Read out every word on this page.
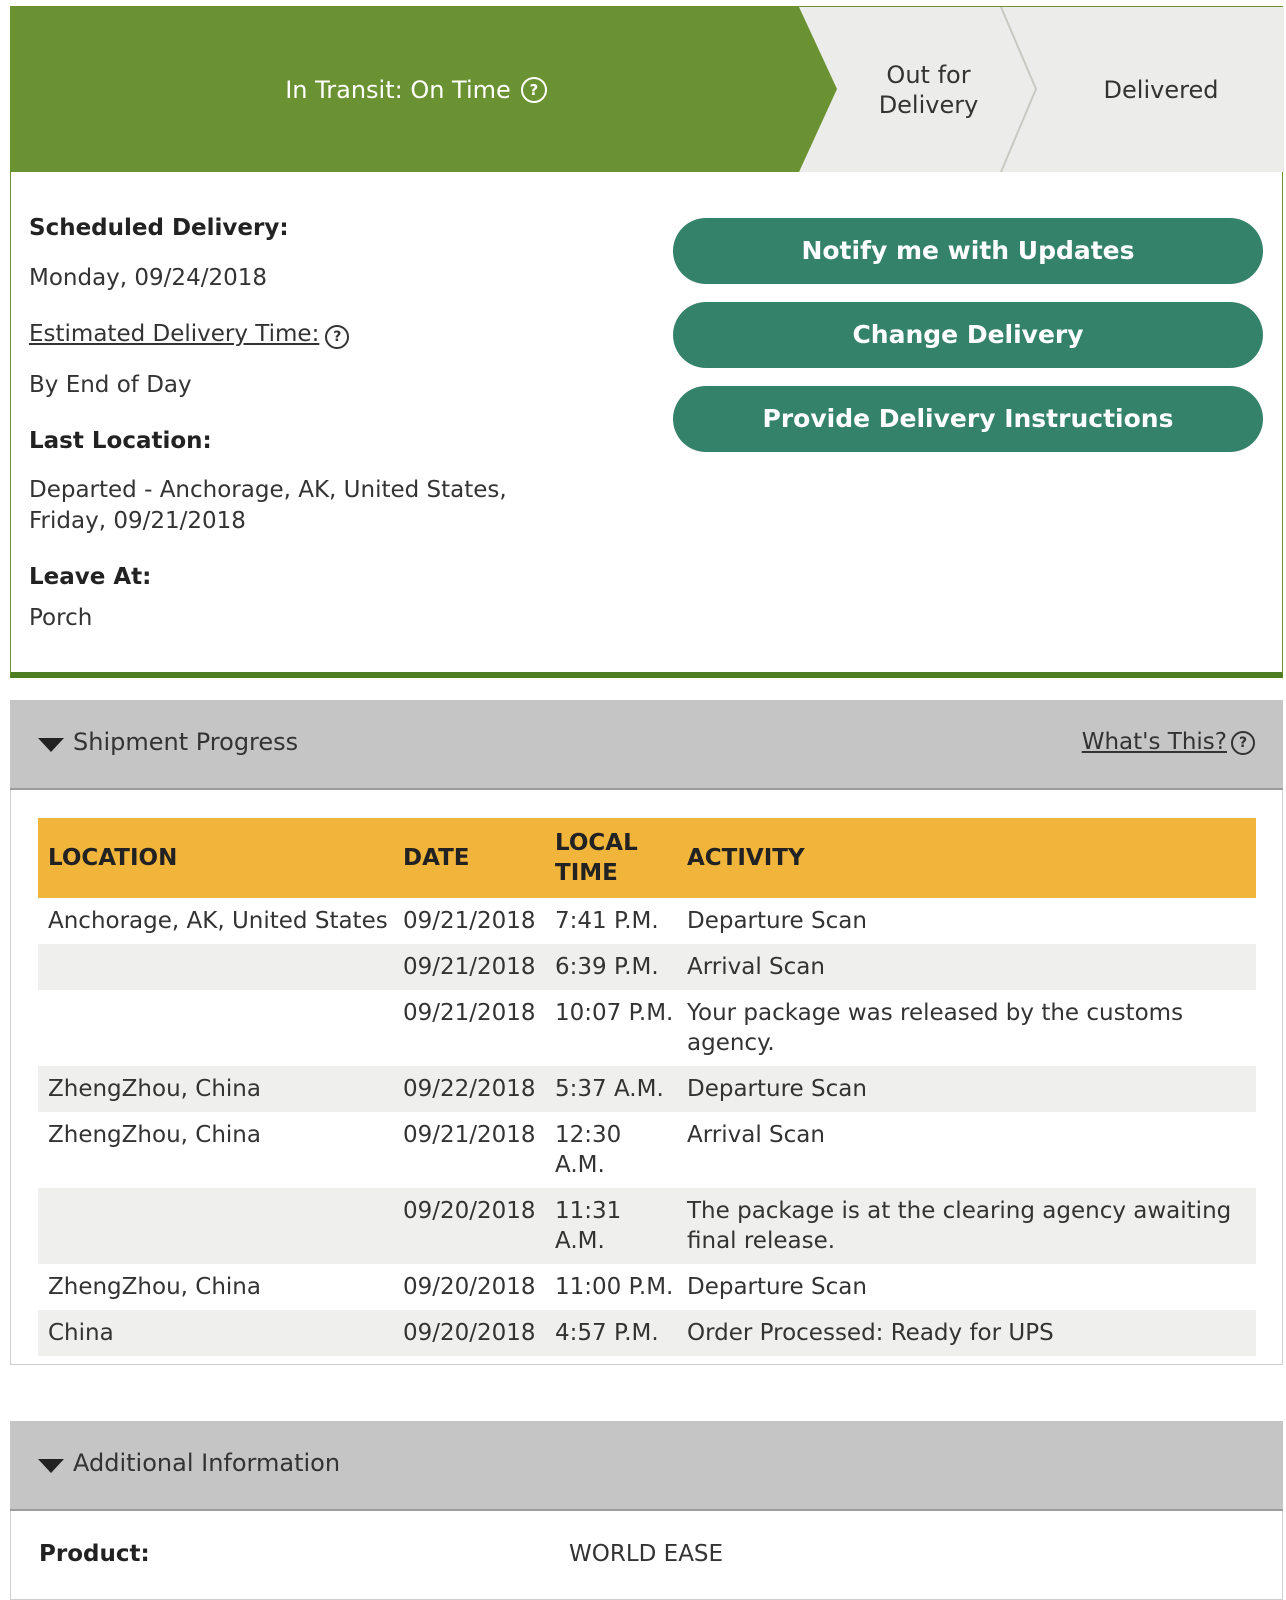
In Transit: On Time	?
Out for Delivery
Delivered
Scheduled Delivery:
Monday, 09/24/2018
Estimated Delivery Time: ?
By End of Day
Last Location:
Departed - Anchorage, AK, United States,
Friday, 09/21/2018
Leave At:
Porch
Notify me with Updates
Change Delivery
Provide Delivery Instructions
Shipment Progress	What's This? ?
LOCATION	DATE	LOCAL TIME	ACTIVITY
Anchorage, AK, United States	09/21/2018	7:41 P.M.	Departure Scan
	09/21/2018	6:39 P.M.	Arrival Scan
	09/21/2018	10:07 P.M.	Your package was released by the customs agency.
ZhengZhou, China	09/22/2018	5:37 A.M.	Departure Scan
ZhengZhou, China	09/21/2018	12:30 A.M.	Arrival Scan
	09/20/2018	11:31 A.M.	The package is at the clearing agency awaiting final release.
ZhengZhou, China	09/20/2018	11:00 P.M.	Departure Scan
China	09/20/2018	4:57 P.M.	Order Processed: Ready for UPS
Additional Information
Product:	WORLD EASE
